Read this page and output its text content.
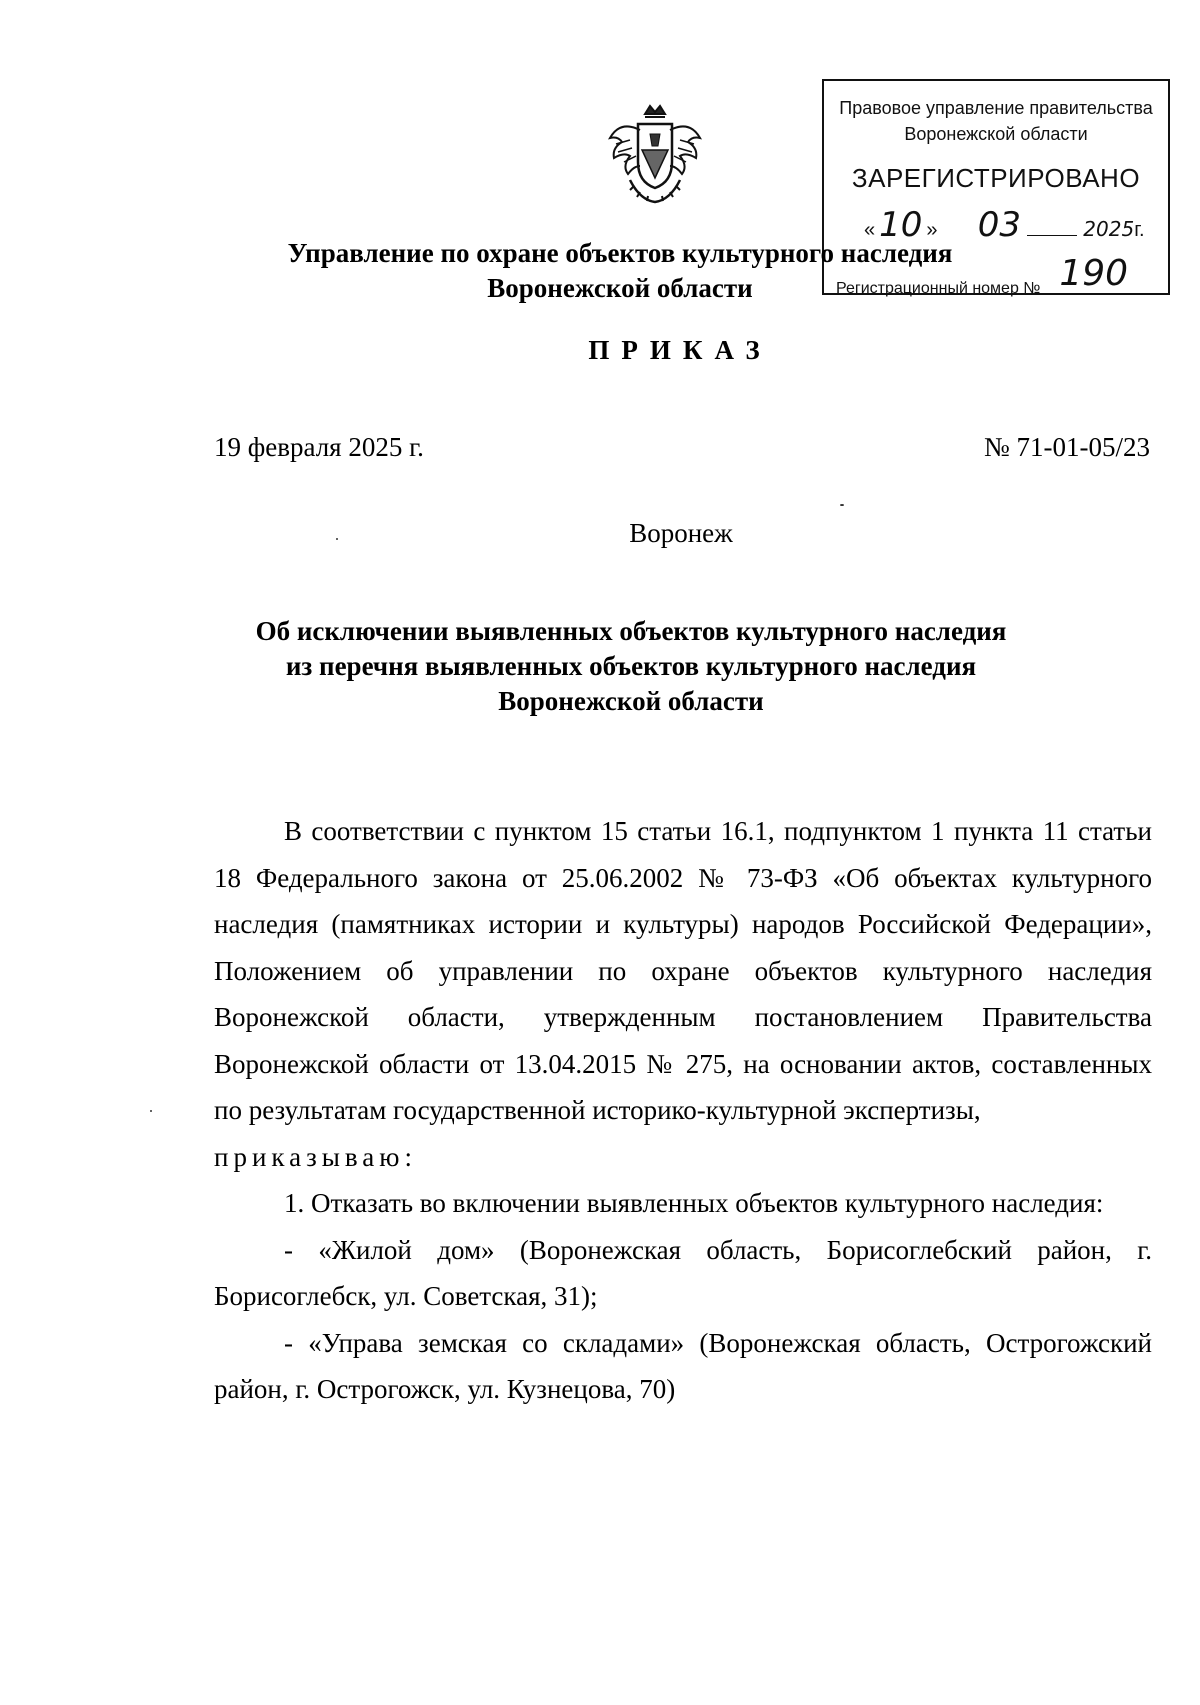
Правовое управление правительства
Воронежской области
ЗАРЕГИСТРИРОВАНО
« 10 » 03	2025г.
Регистрационный номер № 190
Управление по охране объектов культурного наследия
Воронежской области
ПРИКАЗ
19 февраля 2025 г.	№ 71-01-05/23
Воронеж
Об исключении выявленных объектов культурного наследия
из перечня выявленных объектов культурного наследия
Воронежской области

В соответствии с пунктом 15 статьи 16.1, подпунктом 1 пункта 11 статьи 18 Федерального закона от 25.06.2002 № 73-ФЗ «Об объектах культурного наследия (памятниках истории и культуры) народов Российской Федерации», Положением об управлении по охране объектов культурного наследия Воронежской области, утвержденным постановлением Правительства Воронежской области от 13.04.2015 № 275, на основании актов, составленных по результатам государственной историко-культурной экспертизы,

приказываю:

1. Отказать во включении выявленных объектов культурного наследия:

- «Жилой дом» (Воронежская область, Борисоглебский район, г. Борисоглебск, ул. Советская, 31);

- «Управа земская со складами» (Воронежская область, Острогожский район, г. Острогожск, ул. Кузнецова, 70)
